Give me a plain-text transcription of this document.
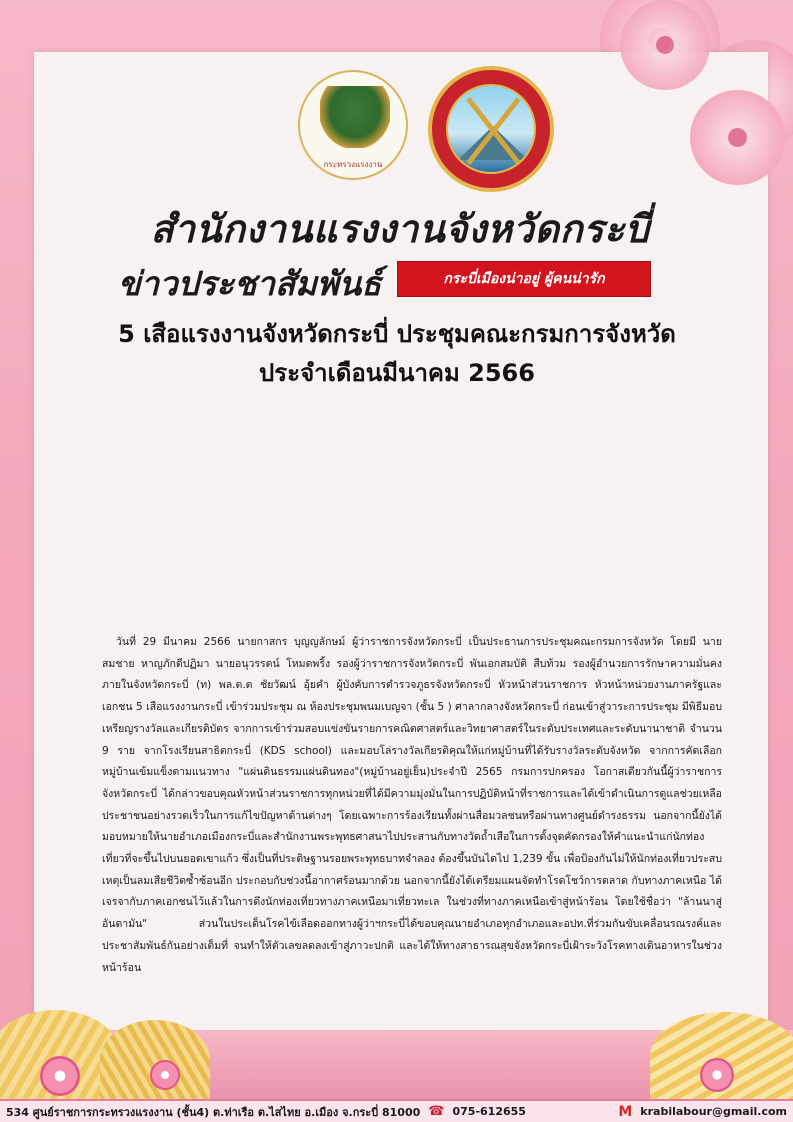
กระทรวงแรงงาน
สำนักงานแรงงานจังหวัดกระบี่
ข่าวประชาสัมพันธ์	กระบี่เมืองน่าอยู่ ผู้คนน่ารัก
5 เสือแรงงานจังหวัดกระบี่ ประชุมคณะกรมการจังหวัด
ประจำเดือนมีนาคม 2566
วันที่ 29 มีนาคม 2566 นายกาสกร บุญญลักษม์ ผู้ว่าราชการจังหวัดกระบี่ เป็นประธานการประชุมคณะกรมการจังหวัด โดยมี นายสมชาย หาญภักดีปฏิมา นายอนุวรรตน์ โหมดพริ้ง รองผู้ว่าราชการจังหวัดกระบี่ พันเอกสมบัติ สืบท้วม รองผู้อำนวยการรักษาความมั่นคงภายในจังหวัดกระบี่ (ท) พล.ต.ต ชัยวัฒน์ อุ้ยคำ ผู้บังคับการตำรวจภูธรจังหวัดกระบี่ หัวหน้าส่วนราชการ หัวหน้าหน่วยงานภาครัฐและเอกชน 5 เสือแรงงานกระบี่ เข้าร่วมประชุม ณ ห้องประชุมพนมเบญจา (ชั้น 5 ) ศาลากลางจังหวัดกระบี่ ก่อนเข้าสู่วาระการประชุม มีพิธีมอบเหรียญรางวัลและเกียรติบัตร จากการเข้าร่วมสอบแข่งขันรายการคณิตศาสตร์และวิทยาศาสตร์ในระดับประเทศและระดับนานาชาติ จำนวน 9 ราย จากโรงเรียนสาธิตกระบี่ (KDS school) และมอบโล่รางวัลเกียรติคุณให้แก่หมู่บ้านที่ได้รับรางวัลระดับจังหวัด จากการคัดเลือกหมู่บ้านเข้มแข็งตามแนวทาง "แผ่นดินธรรมแผ่นดินทอง"(หมู่บ้านอยู่เย็น)ประจำปี 2565 กรมการปกครอง โอกาสเดียวกันนี้ผู้ว่าราชการจังหวัดกระบี่ ได้กล่าวขอบคุณหัวหน้าส่วนราชการทุกหน่วยที่ได้มีความมุ่งมั่นในการปฏิบัติหน้าที่ราชการและได้เข้าดำเนินการดูแลช่วยเหลือประชาชนอย่างรวดเร็วในการแก้ไขปัญหาด้านต่างๆ โดยเฉพาะการร้องเรียนทั้งผ่านสื่อมวลชนหรือผ่านทางศูนย์ดำรงธรรม นอกจากนี้ยังได้มอบหมายให้นายอำเภอเมืองกระบี่และสำนักงานพระพุทธศาสนาไปประสานกับทางวัดถ้ำเสือในการตั้งจุดคัดกรองให้คำแนะนำแก่นักท่องเที่ยวที่จะขึ้นไปบนยอดเขาแก้ว ซึ่งเป็นที่ประดิษฐานรอยพระพุทธบาทจำลอง ต้องขึ้นบันไดไป 1,239 ขั้น เพื่อป้องกันไม่ให้นักท่องเที่ยวประสบเหตุเป็นลมเสียชีวิตซ้ำซ้อนอีก ประกอบกับช่วงนี้อากาศร้อนมากด้วย นอกจากนี้ยังได้เตรียมแผนจัดทำโรดโชว์การตลาด กับทางภาคเหนือ ได้เจรจากับภาคเอกชนไว้แล้วในการดึงนักท่องเที่ยวทางภาคเหนือมาเที่ยวทะเล ในช่วงที่ทางภาคเหนือเข้าสู่หน้าร้อน โดยใช้ชื่อว่า "ล้านนาสู่อันดามัน" ส่วนในประเด็นโรคไข้เลือดออกทางผู้ว่าฯกระบี่ได้ขอบคุณนายอำเภอทุกอำเภอและอปท.ที่ร่วมกันขับเคลื่อนรณรงค์และประชาสัมพันธ์กันอย่างเต็มที่ จนทำให้ตัวเลขลดลงเข้าสู่ภาวะปกติ และได้ให้ทางสาธารณสุขจังหวัดกระบี่เฝ้าระวังโรคทางเดินอาหารในช่วงหน้าร้อน
534 ศูนย์ราชการกระทรวงแรงงาน (ชั้น4) ต.ท่าเรือ ต.ไสไทย อ.เมือง จ.กระบี่ 81000 ☎ 075-612655	M krabilabour@gmail.com
